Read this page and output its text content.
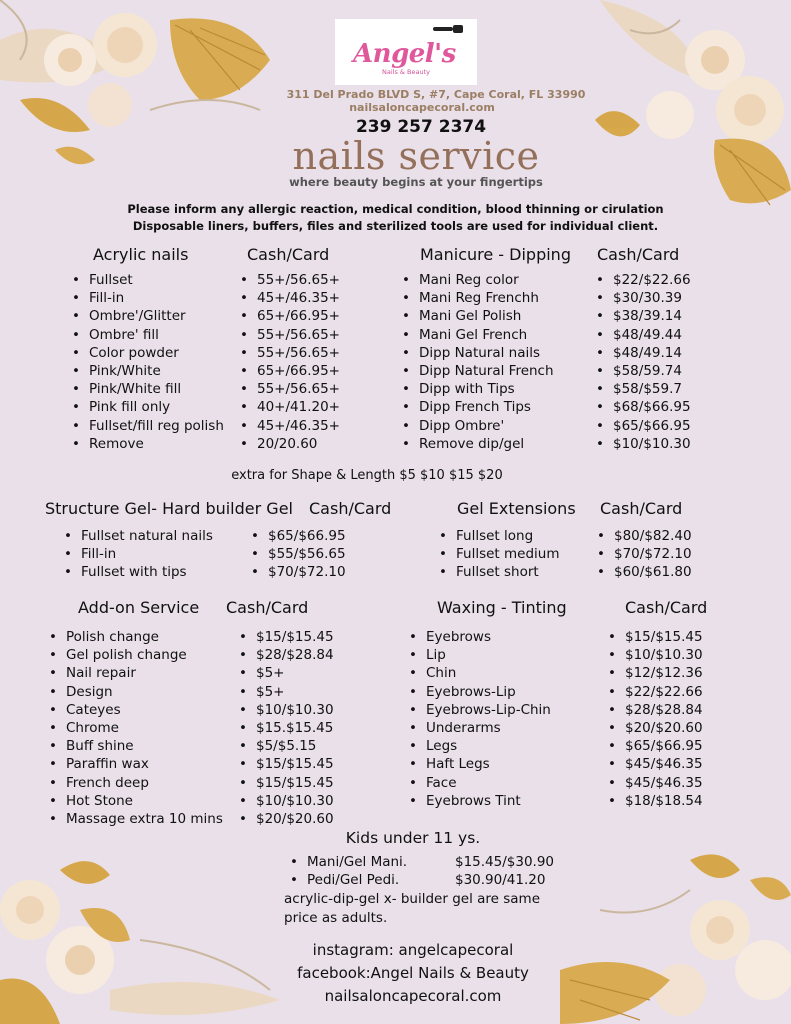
Angel's
Nails & Beauty
311 Del Prado BLVD S, #7, Cape Coral, FL 33990
nailsaloncapecoral.com
239 257 2374
nails service
where beauty begins at your fingertips
Please inform any allergic reaction, medical condition, blood thinning or cirulation
Disposable liners, buffers, files and sterilized tools are used for individual client.
Acrylic nails	Cash/Card
• Fullset
• Fill-in
• Ombre'/Glitter
• Ombre' fill
• Color powder
• Pink/White
• Pink/White fill
• Pink fill only
• Fullset/fill reg polish
• Remove
• 55+/56.65+
• 45+/46.35+
• 65+/66.95+
• 55+/56.65+
• 55+/56.65+
• 65+/66.95+
• 55+/56.65+
• 40+/41.20+
• 45+/46.35+
• 20/20.60
Manicure - Dipping Cash/Card
• Mani Reg color
• Mani Reg Frenchh
• Mani Gel Polish
• Mani Gel French
• Dipp Natural nails
• Dipp Natural French
• Dipp with Tips
• Dipp French Tips
• Dipp Ombre'
• Remove dip/gel
• $22/$22.66
• $30/30.39
• $38/39.14
• $48/49.44
• $48/49.14
• $58/59.74
• $58/$59.7
• $68/$66.95
• $65/$66.95
• $10/$10.30
extra for Shape & Length $5 $10 $15 $20
Structure Gel- Hard builder Gel Cash/Card
• Fullset natural nails
• Fill-in
• Fullset with tips
• $65/$66.95
• $55/$56.65
• $70/$72.10
Gel Extensions Cash/Card
• Fullset long
• Fullset medium
• Fullset short
• $80/$82.40
• $70/$72.10
• $60/$61.80
Add-on Service Cash/Card
• Polish change
• Gel polish change
• Nail repair
• Design
• Cateyes
• Chrome
• Buff shine
• Paraffin wax
• French deep
• Hot Stone
• Massage extra 10 mins
• $15/$15.45
• $28/$28.84
• $5+
• $5+
• $10/$10.30
• $15.$15.45
• $5/$5.15
• $15/$15.45
• $15/$15.45
• $10/$10.30
• $20/$20.60
Waxing - Tinting	Cash/Card
• Eyebrows
• Lip
• Chin
• Eyebrows-Lip
• Eyebrows-Lip-Chin
• Underarms
• Legs
• Haft Legs
• Face
• Eyebrows Tint
• $15/$15.45
• $10/$10.30
• $12/$12.36
• $22/$22.66
• $28/$28.84
• $20/$20.60
• $65/$66.95
• $45/$46.35
• $45/$46.35
• $18/$18.54
Kids under 11 ys.
• Mani/Gel Mani.
• Pedi/Gel Pedi.
$15.45/$30.90
$30.90/41.20
acrylic-dip-gel x- builder gel are same price as adults.
instagram: angelcapecoral
facebook:Angel Nails & Beauty
nailsaloncapecoral.com
